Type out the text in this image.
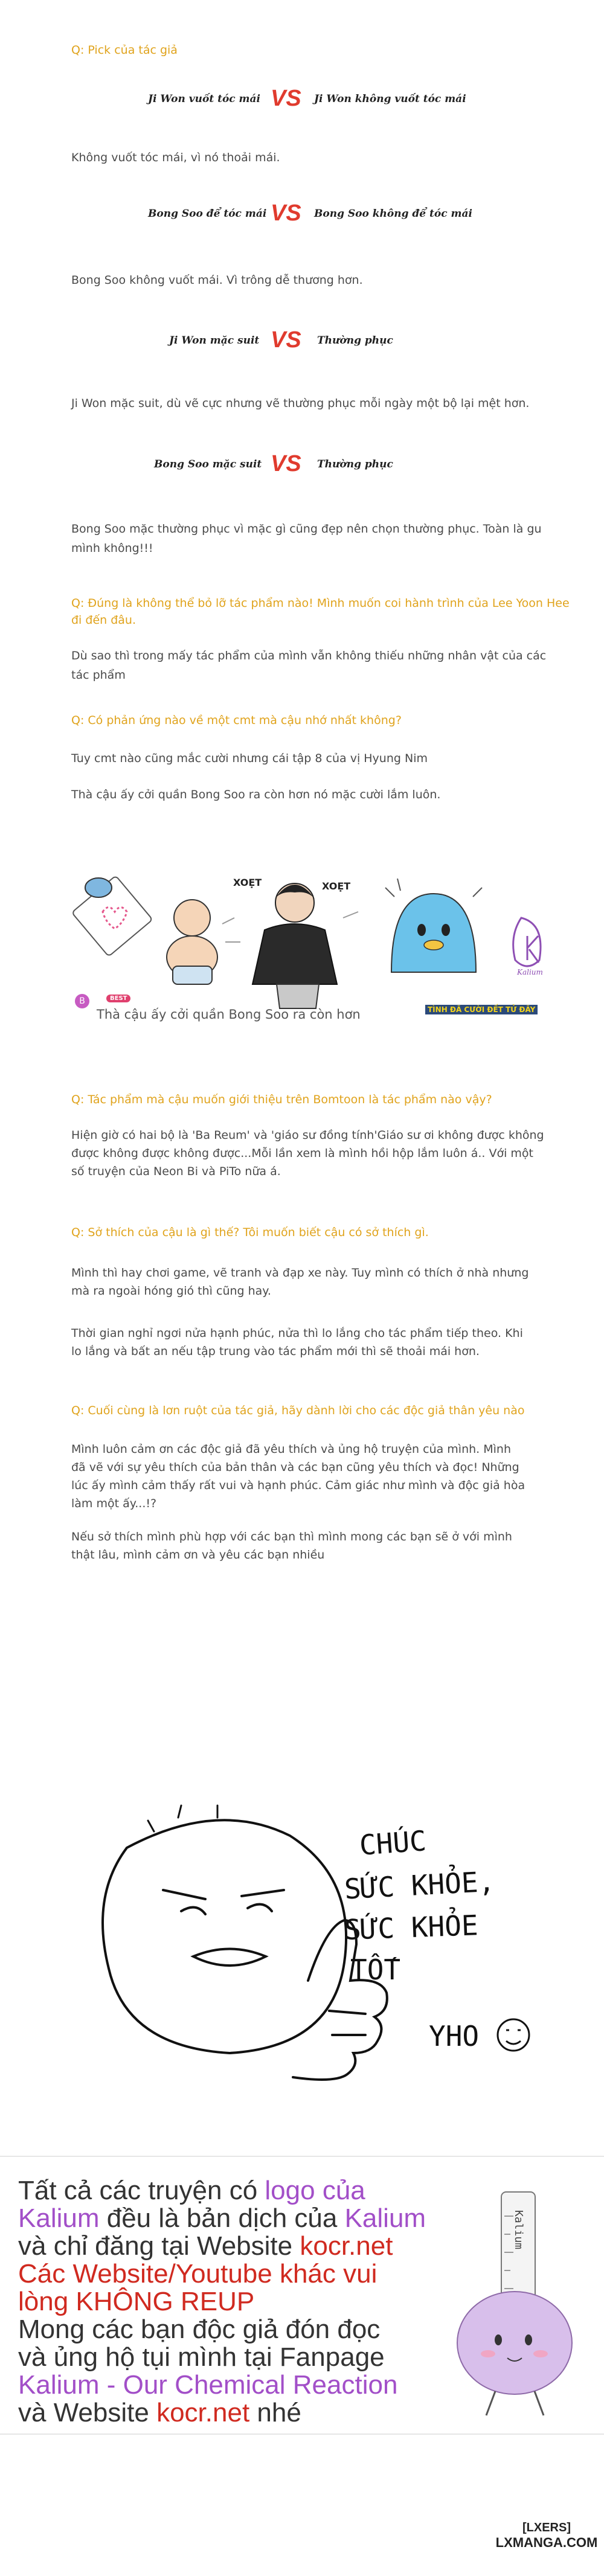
Q: Pick của tác giả
Ji Won vuốt tóc mái VS Ji Won không vuốt tóc mái
Không vuốt tóc mái, vì nó thoải mái.
Bong Soo để tóc mái VS Bong Soo không để tóc mái
Bong Soo không vuốt mái. Vì trông dễ thương hơn.
Ji Won mặc suit VS Thường phục
Ji Won mặc suit, dù vẽ cực nhưng vẽ thường phục mỗi ngày một bộ lại mệt hơn.
Bong Soo mặc suit VS Thường phục
Bong Soo mặc thường phục vì mặc gì cũng đẹp nên chọn thường phục. Toàn là gu
mình không!!!
Q: Đúng là không thể bỏ lỡ tác phẩm nào! Mình muốn coi hành trình của Lee Yoon Hee
đi đến đâu.
Dù sao thì trong mấy tác phẩm của mình vẫn không thiếu những nhân vật của các
tác phẩm
Q: Có phản ứng nào về một cmt mà cậu nhớ nhất không?
Tuy cmt nào cũng mắc cười nhưng cái tập 8 của vị Hyung Nim
Thà cậu ấy cởi quần Bong Soo ra còn hơn nó mặc cười lắm luôn.
XOẸT	XOẸT
B	BEST
Thà cậu ấy cởi quần Bong Soo ra còn hơn	TÌNH ĐÃ CƯỜI ĐẾT TỬ ĐÂY
Kalium
Q: Tác phẩm mà cậu muốn giới thiệu trên Bomtoon là tác phẩm nào vậy?
Hiện giờ có hai bộ là 'Ba Reum' và 'giáo sư đồng tính'Giáo sư ơi không được không
được không được không được...Mỗi lần xem là mình hồi hộp lắm luôn á.. Với một
số truyện của Neon Bi và PiTo nữa á.
Q: Sở thích của cậu là gì thế? Tôi muốn biết cậu có sở thích gì.
Mình thì hay chơi game, vẽ tranh và đạp xe này. Tuy mình có thích ở nhà nhưng
mà ra ngoài hóng gió thì cũng hay.
Thời gian nghỉ ngơi nửa hạnh phúc, nửa thì lo lắng cho tác phẩm tiếp theo. Khi
lo lắng và bất an nếu tập trung vào tác phẩm mới thì sẽ thoải mái hơn.
Q: Cuối cùng là lơn ruột của tác giả, hãy dành lời cho các độc giả thân yêu nào
Mình luôn cảm ơn các độc giả đã yêu thích và ủng hộ truyện của mình. Mình
đã vẽ với sự yêu thích của bản thân và các bạn cũng yêu thích và đọc! Những
lúc ấy mình cảm thấy rất vui và hạnh phúc. Cảm giác như mình và độc giả hòa
làm một ấy...!?
Nếu sở thích mình phù hợp với các bạn thì mình mong các bạn sẽ ở với mình
thật lâu, mình cảm ơn và yêu các bạn nhiều
CHÚC
SỨC KHỎE,
SỨC KHỎE
TỐT
YHO
Tất cả các truyện có logo của
Kalium đều là bản dịch của Kalium
và chỉ đăng tại Website kocr.net
Các Website/Youtube khác vui
lòng KHÔNG REUP
Mong các bạn độc giả đón đọc
và ủng hộ tụi mình tại Fanpage
Kalium - Our Chemical Reaction
và Website kocr.net nhé
Kalium
[LXERS]
LXMANGA.COM
